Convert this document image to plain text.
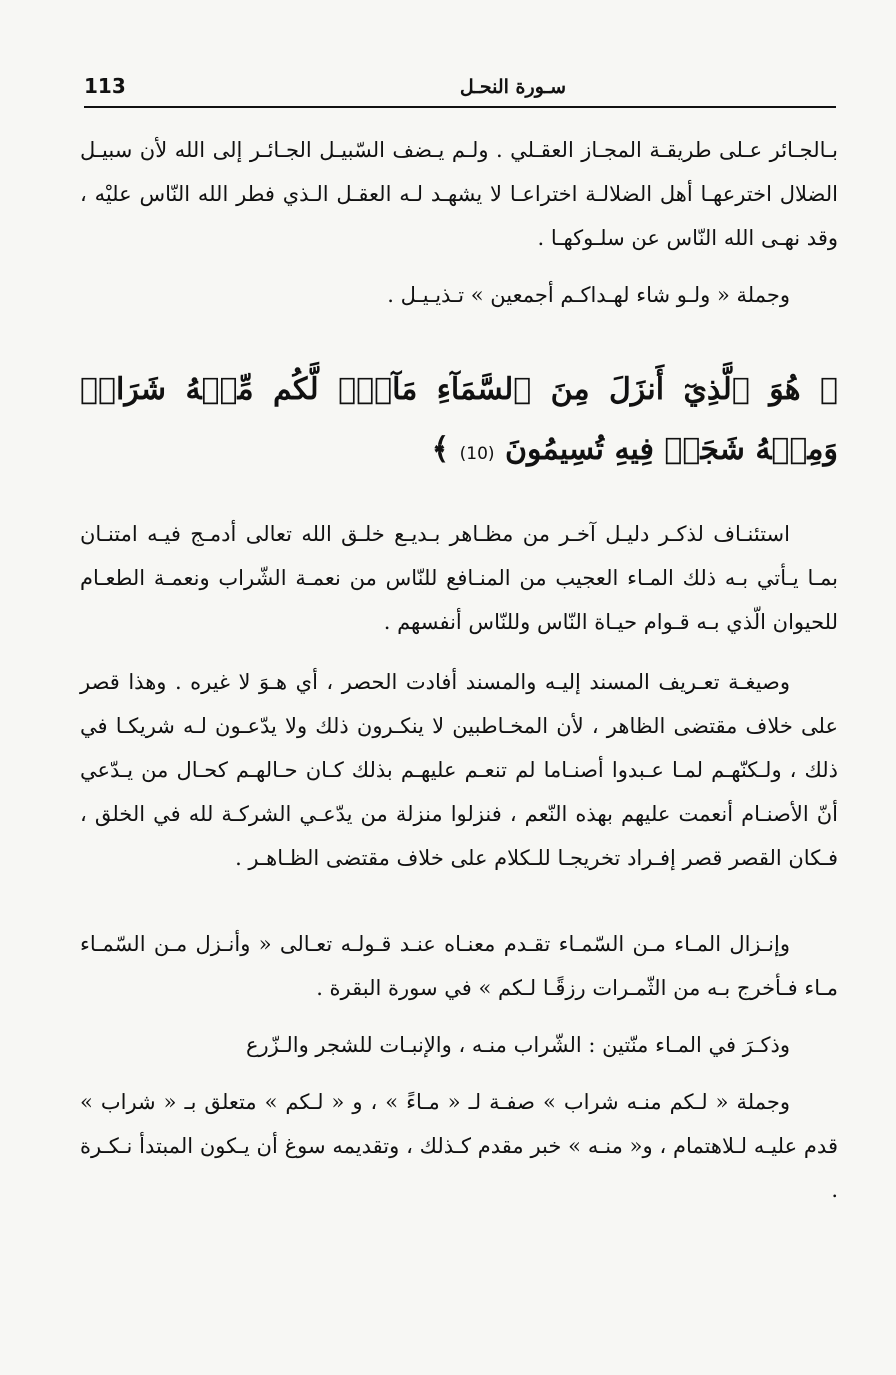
113	سـورة النحـل

بـالجـائر عـلى طريقـة المجـاز العقـلي . ولـم يـضف السّبيـل الجـائـر إلى الله لأن سبيـل الضلال اخترعهـا أهل الضلالـة اختراعـا لا يشهـد لـه العقـل الـذي فطر الله النّاس عليْه ، وقد نهـى الله النّاس عن سلـوكهـا .

وجملة « ولـو شاء لهـداكـم أجمعين » تـذيـيـل .

﴿ هُوَ ٱلَّذِيٓ أَنزَلَ مِنَ ٱلسَّمَآءِ مَآءٗۖ لَّكُم مِّنۡهُ شَرَابٞ وَمِنۡهُ شَجَرٞ فِيهِ تُسِيمُونَ (10) ﴾

استئنـاف لذكـر دليـل آخـر من مظـاهر بـديـع خلـق الله تعالى أدمـج فيـه امتنـان بمـا يـأتي بـه ذلك المـاء العجيب من المنـافع للنّاس من نعمـة الشّراب ونعمـة الطعـام للحيوان الّذي بـه قـوام حيـاة النّاس وللنّاس أنفسهم .

وصيغـة تعـريف المسند إليـه والمسند أفادت الحصر ، أي هـوَ لا غيره . وهذا قصر على خلاف مقتضى الظاهر ، لأن المخـاطبين لا ينكـرون ذلك ولا يدّعـون لـه شريكـا في ذلك ، ولـكنّهـم لمـا عـبدوا أصنـاما لم تنعـم عليهـم بذلك كـان حـالهـم كحـال من يـدّعي أنّ الأصنـام أنعمت عليهم بهذه النّعم ، فنزلوا منزلة من يدّعـي الشركـة لله في الخلق ، فـكان القصر قصر إفـراد تخريجـا للـكلام على خلاف مقتضى الظـاهـر .

وإنـزال المـاء مـن السّمـاء تقـدم معنـاه عنـد قـولـه تعـالى « وأنـزل مـن السّمـاء مـاء فـأخرج بـه من الثّمـرات رزقًـا لـكم » في سورة البقرة .

وذكـرَ في المـاء منّتين : الشّراب منـه ، والإنبـات للشجر والـزّرع

وجملة « لـكم منـه شراب » صفـة لـ « مـاءً » ، و « لـكم » متعلق بـ « شراب » قدم عليـه لـلاهتمام ، و« منـه » خبر مقدم كـذلك ، وتقديمه سوغ أن يـكون المبتدأ نـكـرة .
